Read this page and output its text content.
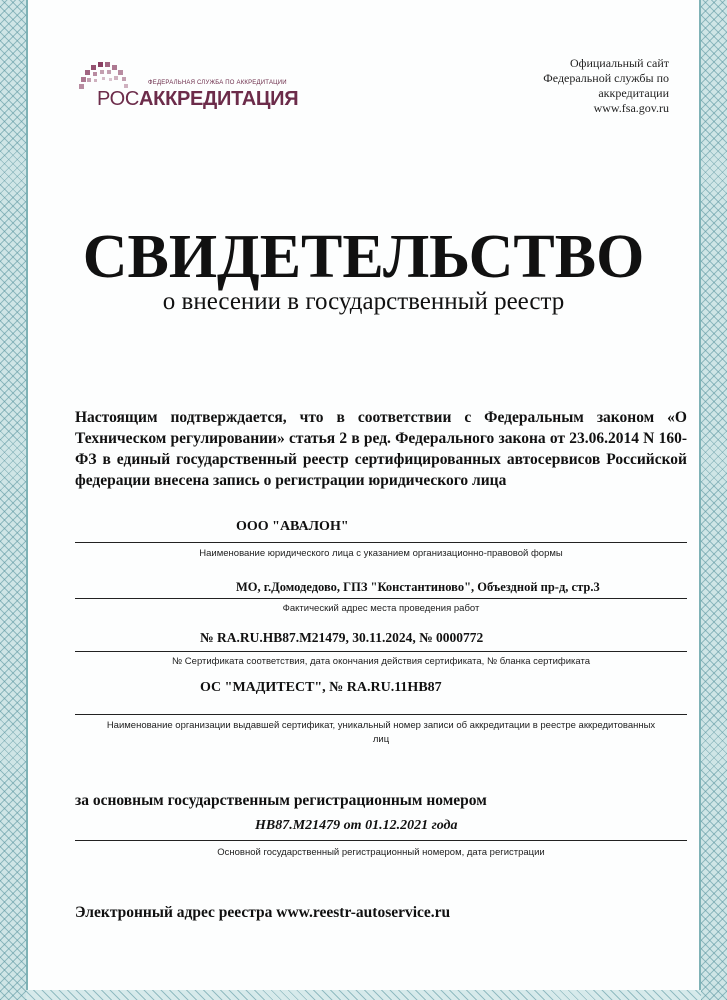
ФЕДЕРАЛЬНАЯ СЛУЖБА ПО АККРЕДИТАЦИИ
РОСАККРЕДИТАЦИЯ
Официальный сайт
Федеральной службы по
аккредитации
www.fsa.gov.ru
СВИДЕТЕЛЬСТВО
о внесении в государственный реестр
Настоящим подтверждается, что в соответствии с Федеральным законом «О Техническом регулировании» статья 2 в ред. Федерального закона от 23.06.2014 N 160-ФЗ в единый государственный реестр сертифицированных автосервисов Российской федерации внесена запись о регистрации юридического лица
ООО "АВАЛОН"
Наименование юридического лица с указанием организационно-правовой формы
МО, г.Домодедово, ГПЗ "Константиново", Объездной пр-д, стр.3
Фактический адрес места проведения работ
№ RA.RU.НВ87.М21479, 30.11.2024, № 0000772
№ Сертификата соответствия, дата окончания действия сертификата, № бланка сертификата
ОС "МАДИТЕСТ", № RA.RU.11НВ87
Наименование организации выдавшей сертификат, уникальный номер записи об аккредитации в реестре аккредитованных
лиц
за основным государственным регистрационным номером
НВ87.М21479 от 01.12.2021 года
Основной государственный регистрационный номером, дата регистрации
Электронный адрес реестра www.reestr-autoservice.ru
